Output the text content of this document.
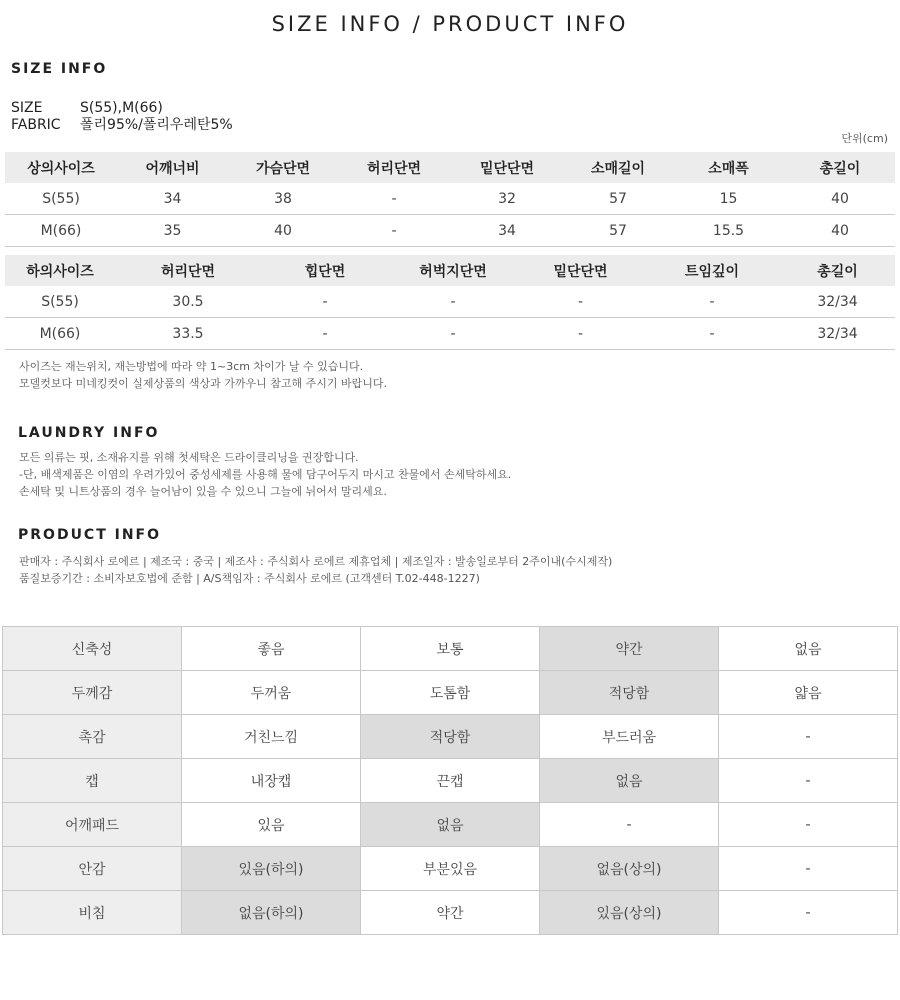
SIZE INFO / PRODUCT INFO
SIZE INFO
SIZE	S(55),M(66)
FABRIC	폴리95%/폴리우레탄5%
단위(cm)
상의사이즈	어깨너비	가슴단면	허리단면	밑단단면	소매길이	소매폭	총길이
S(55)	34	38	-	32	57	15	40
M(66)	35	40	-	34	57	15.5	40
하의사이즈	허리단면	힙단면	허벅지단면	밑단단면	트임깊이	총길이
S(55)	30.5	-	-	-	-	32/34
M(66)	33.5	-	-	-	-	32/34
사이즈는 재는위치, 재는방법에 따라 약 1~3cm 차이가 날 수 있습니다.
모델컷보다 미네킹컷이 실제상품의 색상과 가까우니 참고해 주시기 바랍니다.
LAUNDRY INFO
모든 의류는 핏, 소재유지를 위해 첫세탁은 드라이클리닝을 권장합니다.
-단, 배색제품은 이염의 우려가있어 중성세제를 사용해 물에 담구어두지 마시고 찬물에서 손세탁하세요.
손세탁 및 니트상품의 경우 늘어남이 있을 수 있으니 그늘에 뉘어서 말리세요.
PRODUCT INFO
판매자 : 주식회사 로에르 | 제조국 : 중국 | 제조사 : 주식회사 로에르 제휴업체 | 제조일자 : 발송일로부터 2주이내(수시제작)
품질보증기간 : 소비자보호법에 준함 | A/S책임자 : 주식회사 로에르 (고객센터 T.02-448-1227)
신축성	좋음	보통	약간	없음
두께감	두꺼움	도톰함	적당함	얇음
촉감	거친느낌	적당함	부드러움	-
캡	내장캡	끈캡	없음	-
어깨패드	있음	없음	-	-
안감	있음(하의)	부분있음	없음(상의)	-
비침	없음(하의)	약간	있음(상의)	-
